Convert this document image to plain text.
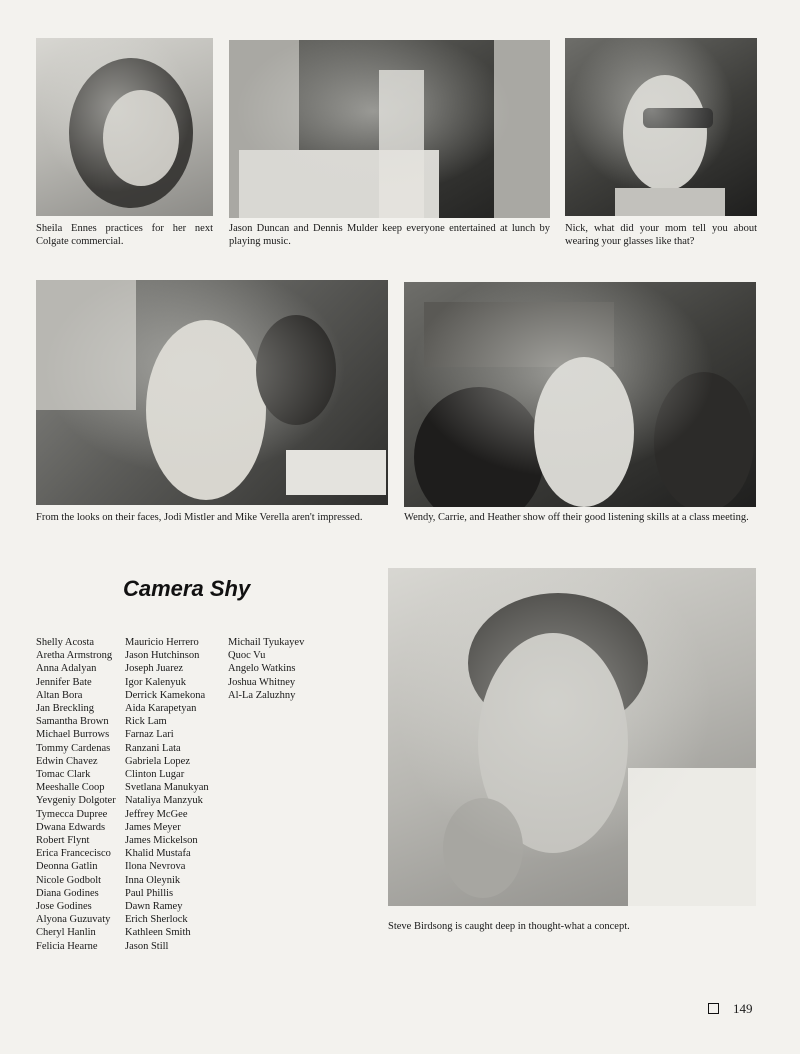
Sheila Ennes practices for her next Colgate commercial.
Jason Duncan and Dennis Mulder keep everyone entertained at lunch by playing music.
Nick, what did your mom tell you about wearing your glasses like that?
From the looks on their faces, Jodi Mistler and Mike Verella aren't impressed.	Wendy, Carrie, and Heather show off their good listening skills at a class meeting.
Camera Shy
Shelly Acosta
Aretha Armstrong
Anna Adalyan
Jennifer Bate
Altan Bora
Jan Breckling
Samantha Brown
Michael Burrows
Tommy Cardenas
Edwin Chavez
Tomac Clark
Meeshalle Coop
Yevgeniy Dolgoter
Tymecca Dupree
Dwana Edwards
Robert Flynt
Erica Francecisco
Deonna Gatlin
Nicole Godbolt
Diana Godines
Jose Godines
Alyona Guzuvaty
Cheryl Hanlin
Felicia Hearne
Mauricio Herrero
Jason Hutchinson
Joseph Juarez
Igor Kalenyuk
Derrick Kamekona
Aida Karapetyan
Rick Lam
Farnaz Lari
Ranzani Lata
Gabriela Lopez
Clinton Lugar
Svetlana Manukyan
Nataliya Manzyuk
Jeffrey McGee
James Meyer
James Mickelson
Khalid Mustafa
Ilona Nevrova
Inna Oleynik
Paul Phillis
Dawn Ramey
Erich Sherlock
Kathleen Smith
Jason Still
Michail Tyukayev
Quoc Vu
Angelo Watkins
Joshua Whitney
Al-La Zaluzhny
Steve Birdsong is caught deep in thought-what a concept.
149
